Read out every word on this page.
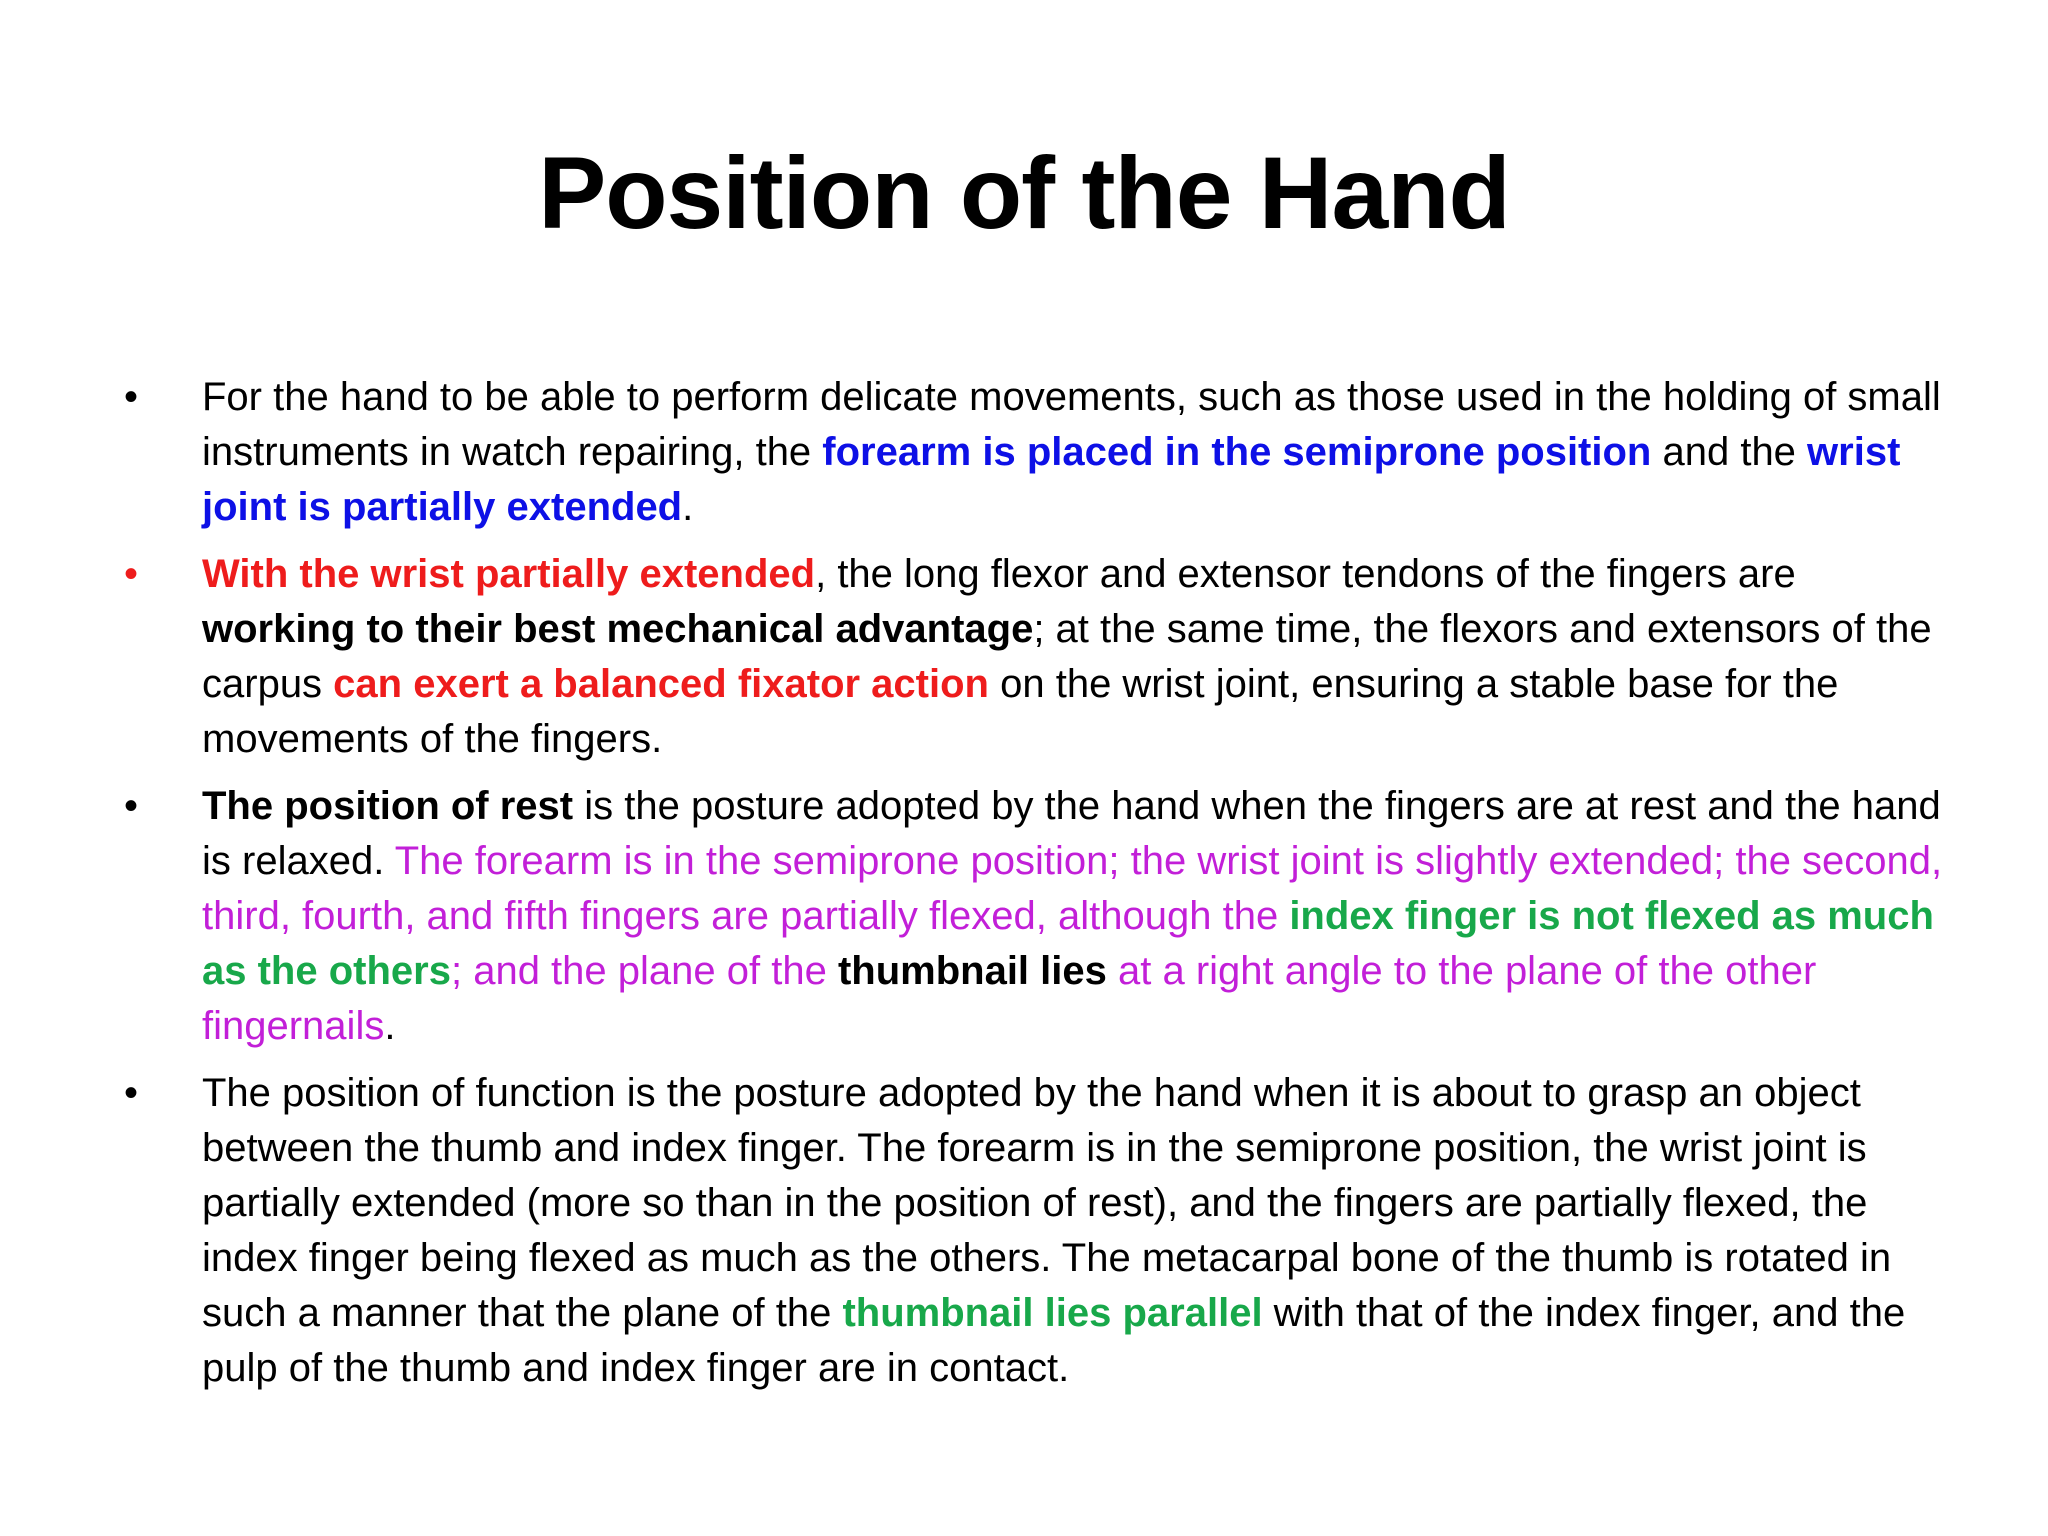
Position of the Hand
• For the hand to be able to perform delicate movements, such as those used in the holding of small instruments in watch repairing, the forearm is placed in the semiprone position and the wrist joint is partially extended.
• With the wrist partially extended, the long flexor and extensor tendons of the fingers are working to their best mechanical advantage; at the same time, the flexors and extensors of the carpus can exert a balanced fixator action on the wrist joint, ensuring a stable base for the movements of the fingers.
• The position of rest is the posture adopted by the hand when the fingers are at rest and the hand is relaxed. The forearm is in the semiprone position; the wrist joint is slightly extended; the second, third, fourth, and fifth fingers are partially flexed, although the index finger is not flexed as much as the others; and the plane of the thumbnail lies at a right angle to the plane of the other fingernails.
• The position of function is the posture adopted by the hand when it is about to grasp an object between the thumb and index finger. The forearm is in the semiprone position, the wrist joint is partially extended (more so than in the position of rest), and the fingers are partially flexed, the index finger being flexed as much as the others. The metacarpal bone of the thumb is rotated in such a manner that the plane of the thumbnail lies parallel with that of the index finger, and the pulp of the thumb and index finger are in contact.
